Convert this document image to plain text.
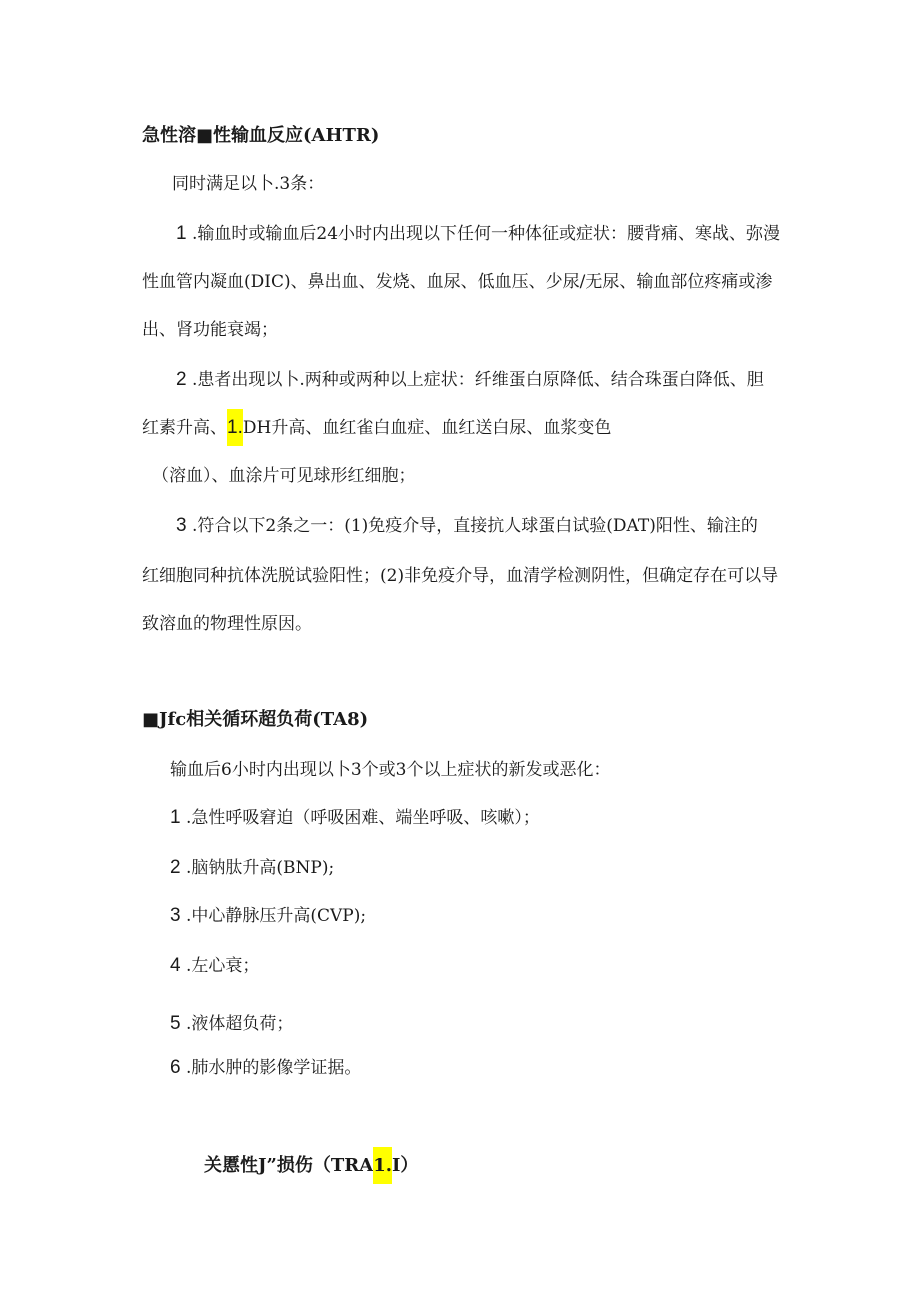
急性溶■性输血反应(AHTR)
同时满足以卜.3条：
1 .输血时或输血后24小时内出现以下任何一种体征或症状：腰背痛、寒战、弥漫
性血管内凝血(DIC)、鼻出血、发烧、血尿、低血压、少尿/无尿、输血部位疼痛或渗
出、肾功能衰竭；
2 .患者出现以卜.两种或两种以上症状：纤维蛋白原降低、结合珠蛋白降低、胆
红素升高、1.DH升高、血红雀白血症、血红送白尿、血浆变色
（溶血）、血涂片可见球形红细胞；
3 .符合以下2条之一：(1)免疫介导，直接抗人球蛋白试验(DAT)阳性、输注的
红细胞同种抗体洗脱试验阳性；(2)非免疫介导，血清学检测阴性，但确定存在可以导
致溶血的物理性原因。
■Jfc相关循环超负荷(TA8)
输血后6小时内出现以卜3个或3个以上症状的新发或恶化：
1 .急性呼吸窘迫（呼吸困难、端坐呼吸、咳嗽）；
2 .脑钠肽升高(BNP);
3 .中心静脉压升高(CVP);
4 .左心衰；
5 .液体超负荷；
6 .肺水肿的影像学证据。
关慝性J”损伤（TRA1.I）
